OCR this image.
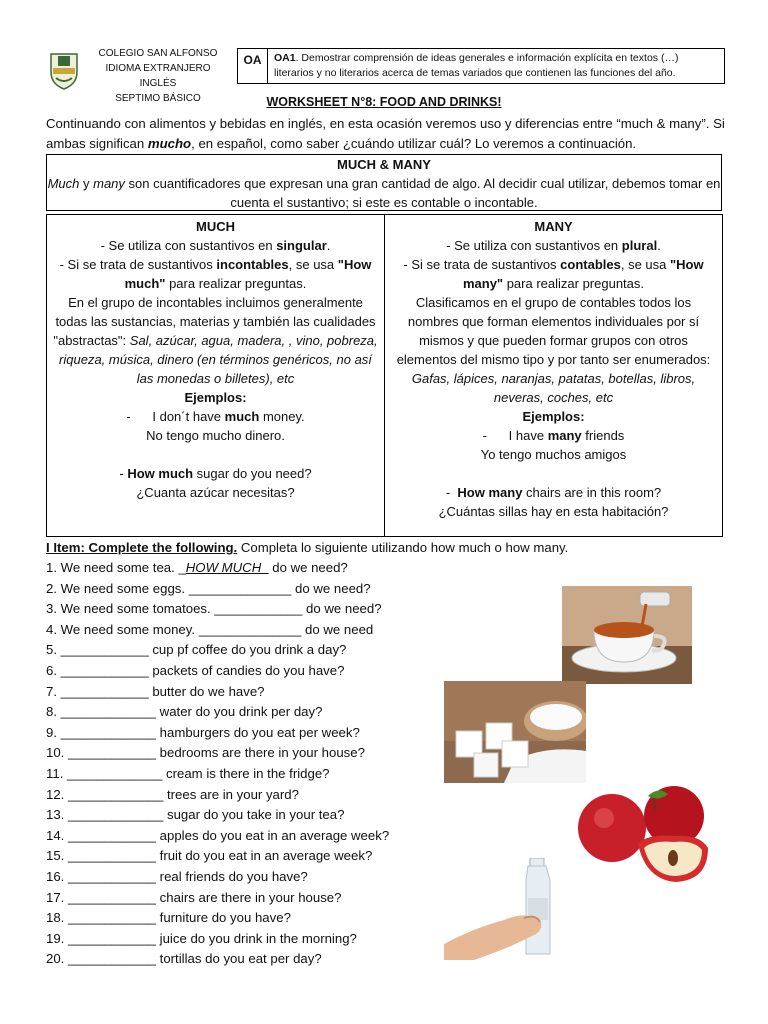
COLEGIO SAN ALFONSO
IDIOMA EXTRANJERO INGLÉS
SEPTIMO BÁSICO
OA	OA1. Demostrar comprensión de ideas generales e información explícita en textos (…) literarios y no literarios acerca de temas variados que contienen las funciones del año.
WORKSHEET N°8: FOOD AND DRINKS!
Continuando con alimentos y bebidas en inglés, en esta ocasión veremos uso y diferencias entre “much & many”. Si ambas significan mucho, en español, como saber ¿cuándo utilizar cuál? Lo veremos a continuación.
MUCH & MANY
Much y many son cuantificadores que expresan una gran cantidad de algo. Al decidir cual utilizar, debemos tomar en cuenta el sustantivo; si este es contable o incontable.
MUCH
- Se utiliza con sustantivos en singular.
- Si se trata de sustantivos incontables, se usa "How much" para realizar preguntas.
En el grupo de incontables incluimos generalmente todas las sustancias, materias y también las cualidades "abstractas": Sal, azúcar, agua, madera, , vino, pobreza, riqueza, música, dinero (en términos genéricos, no así las monedas o billetes), etc
Ejemplos:
-      I don´t have much money.
No tengo mucho dinero.
- How much sugar do you need?
¿Cuanta azúcar necesitas?
MANY
- Se utiliza con sustantivos en plural.
- Si se trata de sustantivos contables, se usa "How many" para realizar preguntas.
Clasificamos en el grupo de contables todos los nombres que forman elementos individuales por sí mismos y que pueden formar grupos con otros elementos del mismo tipo y por tanto ser enumerados: Gafas, lápices, naranjas, patatas, botellas, libros, neveras, coches, etc
Ejemplos:
-      I have many friends
Yo tengo muchos amigos
-  How many chairs are in this room?
¿Cuántas sillas hay en esta habitación?
I Item: Complete the following. Completa lo siguiente utilizando how much o how many.
1. We need some tea. _HOW MUCH_ do we need?
2. We need some eggs. ______________ do we need?
3. We need some tomatoes. ____________ do we need?
4. We need some money. ______________ do we need
5. ____________ cup pf coffee do you drink a day?
6. ____________ packets of candies do you have?
7. ____________ butter do we have?
8. _____________ water do you drink per day?
9. _____________ hamburgers do you eat per week?
10. ____________ bedrooms are there in your house?
11. _____________ cream is there in the fridge?
12. _____________ trees are in your yard?
13. _____________ sugar do you take in your tea?
14. ____________ apples do you eat in an average week?
15. ____________ fruit do you eat in an average week?
16. ____________ real friends do you have?
17. ____________ chairs are there in your house?
18. ____________ furniture do you have?
19. ____________ juice do you drink in the morning?
20. ____________ tortillas do you eat per day?
